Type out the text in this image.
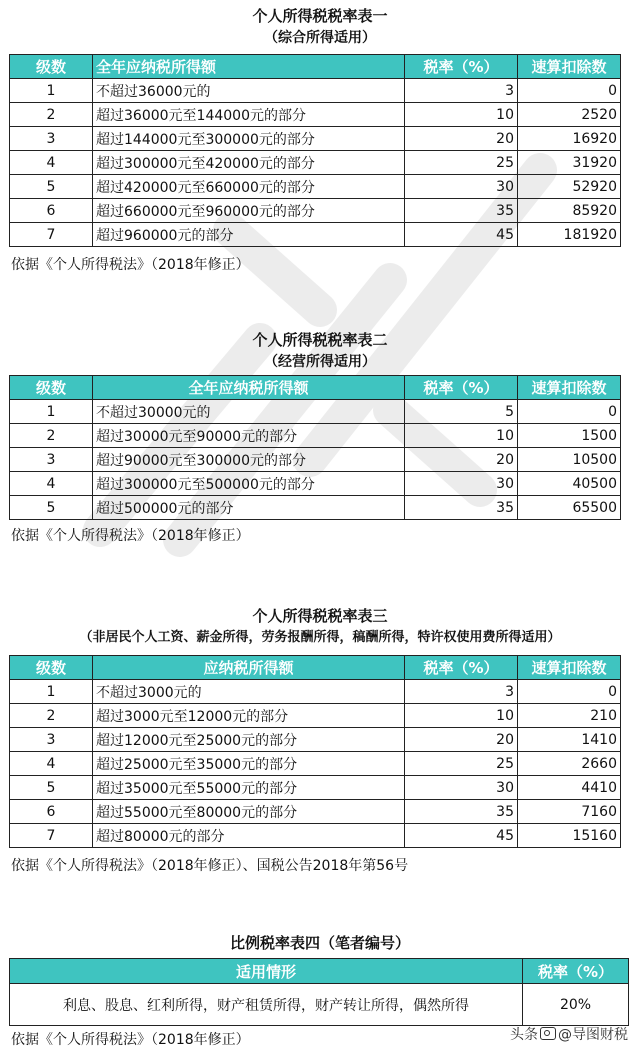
个人所得税税率表一
（综合所得适用）
级数	全年应纳税所得额	税率（%）	速算扣除数
1	不超过36000元的	3	0
2	超过36000元至144000元的部分	10	2520
3	超过144000元至300000元的部分	20	16920
4	超过300000元至420000元的部分	25	31920
5	超过420000元至660000元的部分	30	52920
6	超过660000元至960000元的部分	35	85920
7	超过960000元的部分	45	181920
依据《个人所得税法》（2018年修正）
个人所得税税率表二
（经营所得适用）
级数	全年应纳税所得额	税率（%）	速算扣除数
1	不超过30000元的	5	0
2	超过30000元至90000元的部分	10	1500
3	超过90000元至300000元的部分	20	10500
4	超过300000元至500000元的部分	30	40500
5	超过500000元的部分	35	65500
依据《个人所得税法》（2018年修正）
个人所得税税率表三
（非居民个人工资、薪金所得，劳务报酬所得，稿酬所得，特许权使用费所得适用）
级数	应纳税所得额	税率（%）	速算扣除数
1	不超过3000元的	3	0
2	超过3000元至12000元的部分	10	210
3	超过12000元至25000元的部分	20	1410
4	超过25000元至35000元的部分	25	2660
5	超过35000元至55000元的部分	30	4410
6	超过55000元至80000元的部分	35	7160
7	超过80000元的部分	45	15160
依据《个人所得税法》（2018年修正）、国税公告2018年第56号
比例税率表四（笔者编号）
适用情形	税率（%）
利息、股息、红利所得，财产租赁所得，财产转让所得，偶然所得	20%
依据《个人所得税法》（2018年修正）	头条 @导图财税
